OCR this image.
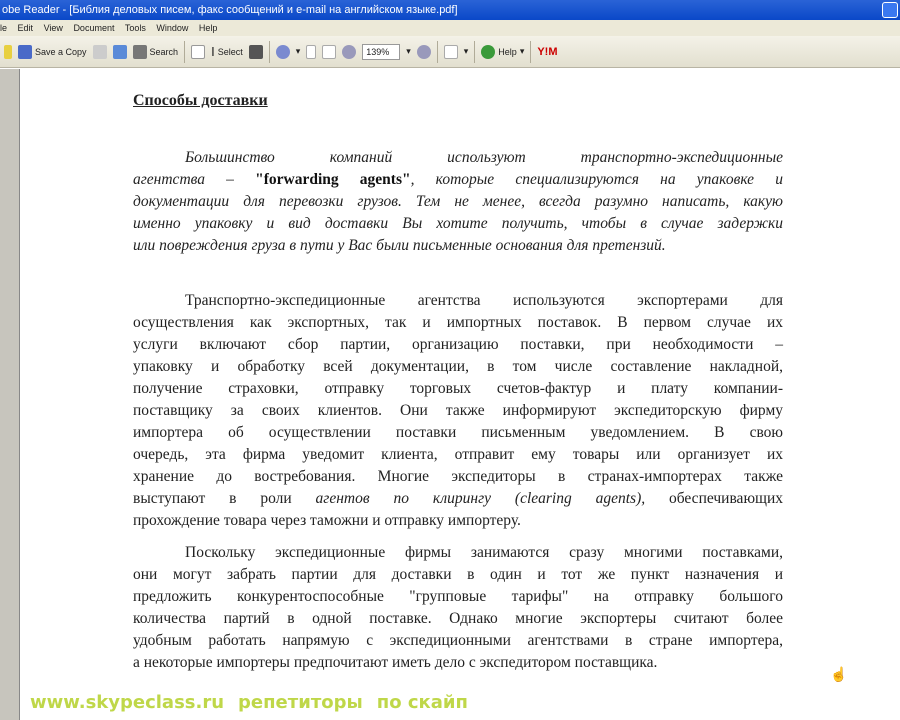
obe Reader - [Библия деловых писем, факс сообщений и e-mail на английском языке.pdf]
le Edit View Document Tools Window Help
Save a Copy	Search	I Select	▾	139%	▾	▾	Help ▾ Y!M
Способы доставки
Большинство компаний используют транспортно-экспедиционные
агентства – "forwarding agents", которые специализируются на упаковке и
документации для перевозки грузов. Тем не менее, всегда разумно написать, какую
именно упаковку и вид доставки Вы хотите получить, чтобы в случае задержки
или повреждения груза в пути у Вас были письменные основания для претензий.
Транспортно-экспедиционные агентства используются экспортерами для
осуществления как экспортных, так и импортных поставок. В первом случае их
услуги включают сбор партии, организацию поставки, при необходимости –
упаковку и обработку всей документации, в том числе составление накладной,
получение страховки, отправку торговых счетов-фактур и плату компании-
поставщику за своих клиентов. Они также информируют экспедиторскую фирму
импортера об осуществлении поставки письменным уведомлением. В свою
очередь, эта фирма уведомит клиента, отправит ему товары или организует их
хранение до востребования. Многие экспедиторы в странах-импортерах также
выступают в роли агентов по клирингу (clearing agents), обеспечивающих
прохождение товара через таможни и отправку импортеру.
Поскольку экспедиционные фирмы занимаются сразу многими поставками,
они могут забрать партии для доставки в один и тот же пункт назначения и
предложить конкурентоспособные "групповые тарифы" на отправку большого
количества партий в одной поставке. Однако многие экспортеры считают более
удобным работать напрямую с экспедиционными агентствами в стране импортера,
а некоторые импортеры предпочитают иметь дело с экспедитором поставщика.
www.skypeclass.ru репетиторы по скайп
☝
